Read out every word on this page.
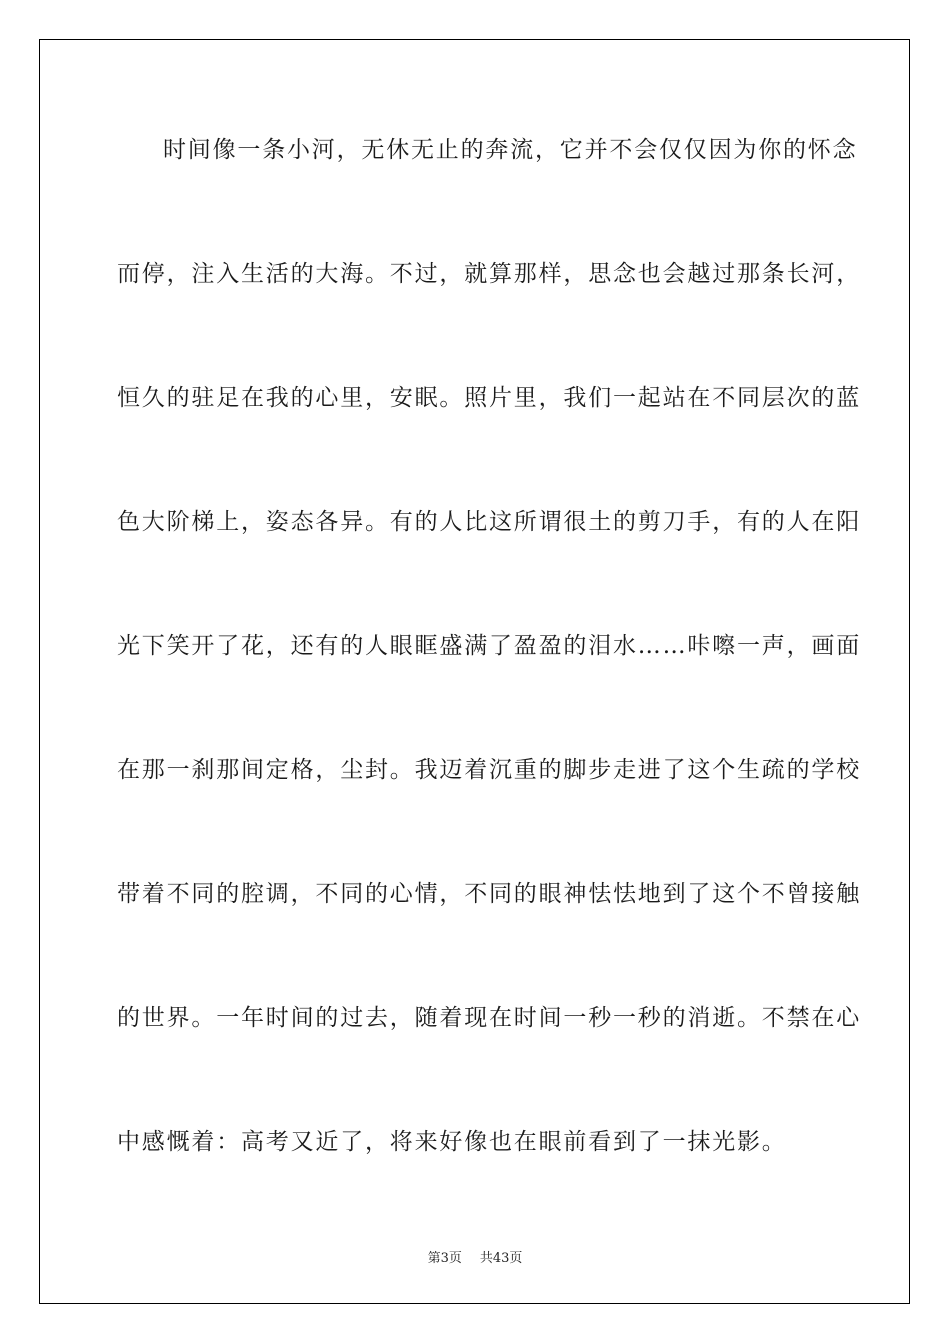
时间像一条小河，无休无止的奔流，它并不会仅仅因为你的怀念
而停，注入生活的大海。不过，就算那样，思念也会越过那条长河，
恒久的驻足在我的心里，安眠。照片里，我们一起站在不同层次的蓝
色大阶梯上，姿态各异。有的人比这所谓很土的剪刀手，有的人在阳
光下笑开了花，还有的人眼眶盛满了盈盈的泪水……咔嚓一声，画面
在那一刹那间定格，尘封。我迈着沉重的脚步走进了这个生疏的学校
带着不同的腔调，不同的心情，不同的眼神怯怯地到了这个不曾接触
的世界。一年时间的过去，随着现在时间一秒一秒的消逝。不禁在心
中感慨着：高考又近了，将来好像也在眼前看到了一抹光影。
第3页 共43页
